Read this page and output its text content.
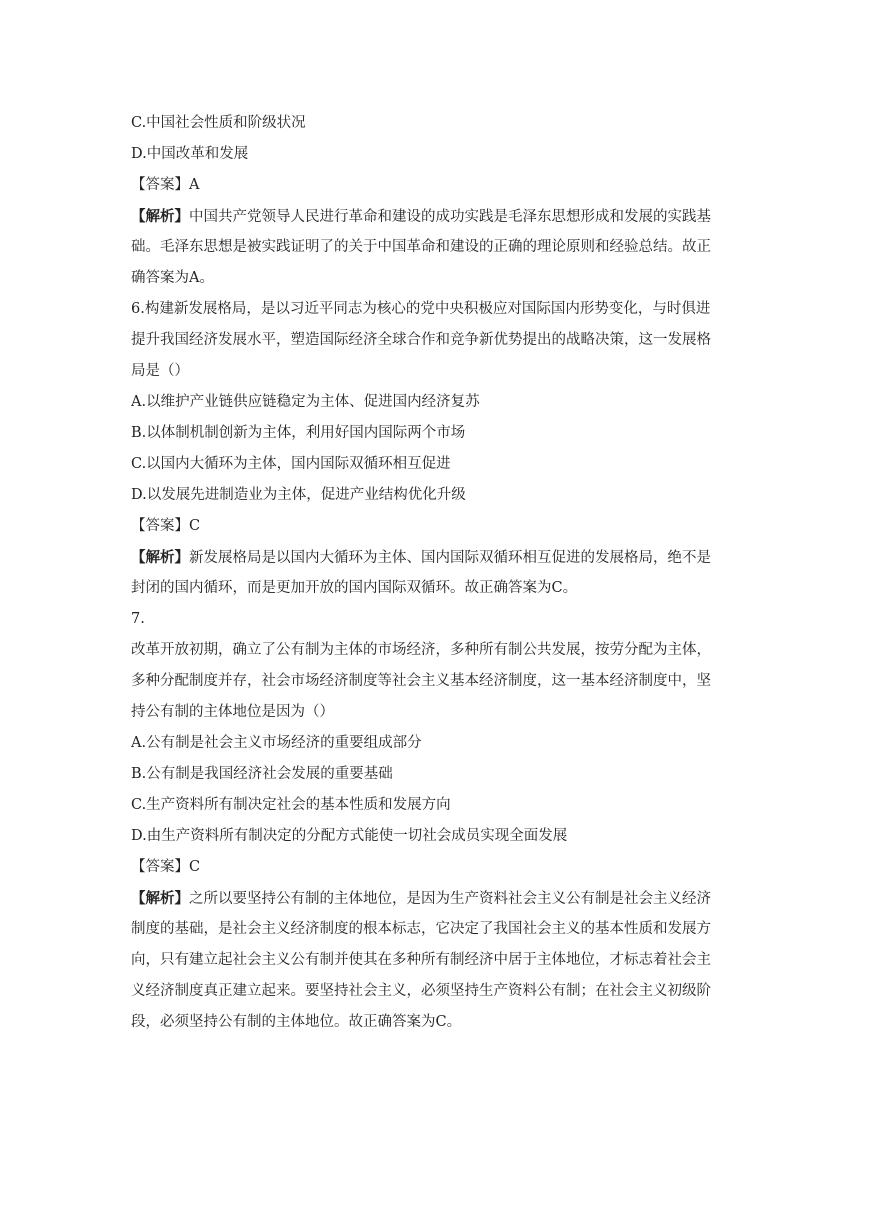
C.中国社会性质和阶级状况
D.中国改革和发展
【答案】A
【解析】中国共产党领导人民进行革命和建设的成功实践是毛泽东思想形成和发展的实践基
础。毛泽东思想是被实践证明了的关于中国革命和建设的正确的理论原则和经验总结。故正
确答案为A。
6.构建新发展格局，是以习近平同志为核心的党中央积极应对国际国内形势变化，与时俱进
提升我国经济发展水平，塑造国际经济全球合作和竞争新优势提出的战略决策，这一发展格
局是（）
A.以维护产业链供应链稳定为主体、促进国内经济复苏
B.以体制机制创新为主体，利用好国内国际两个市场
C.以国内大循环为主体，国内国际双循环相互促进
D.以发展先进制造业为主体，促进产业结构优化升级
【答案】C
【解析】新发展格局是以国内大循环为主体、国内国际双循环相互促进的发展格局，绝不是
封闭的国内循环，而是更加开放的国内国际双循环。故正确答案为C。
7.
改革开放初期，确立了公有制为主体的市场经济，多种所有制公共发展，按劳分配为主体，
多种分配制度并存，社会市场经济制度等社会主义基本经济制度，这一基本经济制度中，坚
持公有制的主体地位是因为（）
A.公有制是社会主义市场经济的重要组成部分
B.公有制是我国经济社会发展的重要基础
C.生产资料所有制决定社会的基本性质和发展方向
D.由生产资料所有制决定的分配方式能使一切社会成员实现全面发展
【答案】C
【解析】之所以要坚持公有制的主体地位，是因为生产资料社会主义公有制是社会主义经济
制度的基础，是社会主义经济制度的根本标志，它决定了我国社会主义的基本性质和发展方
向，只有建立起社会主义公有制并使其在多种所有制经济中居于主体地位，才标志着社会主
义经济制度真正建立起来。要坚持社会主义，必须坚持生产资料公有制；在社会主义初级阶
段，必须坚持公有制的主体地位。故正确答案为C。
